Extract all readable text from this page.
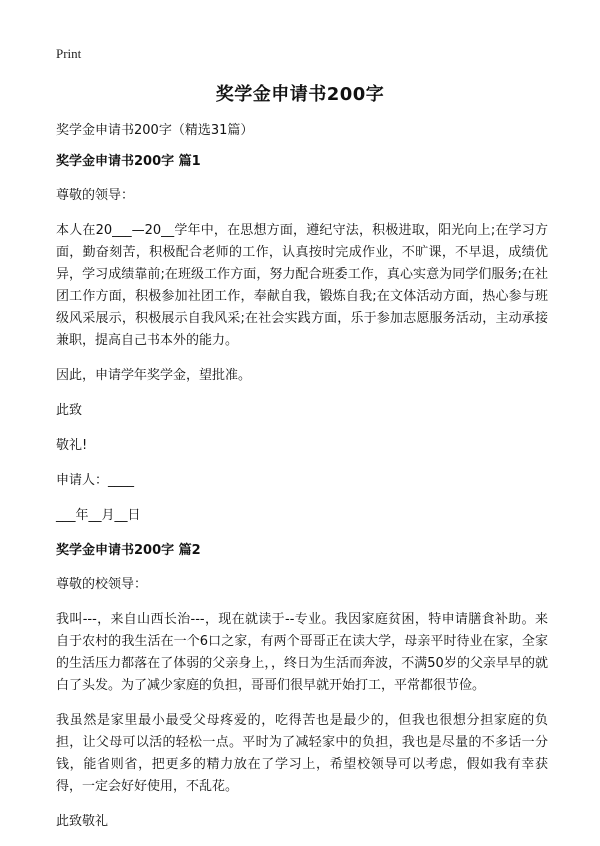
Print
奖学金申请书200字

奖学金申请书200字（精选31篇）

奖学金申请书200字 篇1

尊敬的领导：

本人在20___—20__学年中，在思想方面，遵纪守法，积极进取，阳光向上;在学习方面，勤奋刻苦，积极配合老师的工作，认真按时完成作业，不旷课，不早退，成绩优异，学习成绩靠前;在班级工作方面，努力配合班委工作，真心实意为同学们服务;在社团工作方面，积极参加社团工作，奉献自我，锻炼自我;在文体活动方面，热心参与班级风采展示，积极展示自我风采;在社会实践方面，乐于参加志愿服务活动，主动承接兼职，提高自己书本外的能力。

因此，申请学年奖学金，望批准。

此致

敬礼!

申请人：____

___年__月__日

奖学金申请书200字 篇2

尊敬的校领导：

我叫---，来自山西长治---，现在就读于--专业。我因家庭贫困，特申请膳食补助。来自于农村的我生活在一个6口之家，有两个哥哥正在读大学，母亲平时待业在家，全家的生活压力都落在了体弱的父亲身上，，终日为生活而奔波，不满50岁的父亲早早的就白了头发。为了减少家庭的负担，哥哥们很早就开始打工，平常都很节俭。

我虽然是家里最小最受父母疼爱的，吃得苦也是最少的，但我也很想分担家庭的负担，让父母可以活的轻松一点。平时为了减轻家中的负担，我也是尽量的不多话一分钱，能省则省，把更多的精力放在了学习上，希望校领导可以考虑，假如我有幸获得，一定会好好使用，不乱花。

此致敬礼
